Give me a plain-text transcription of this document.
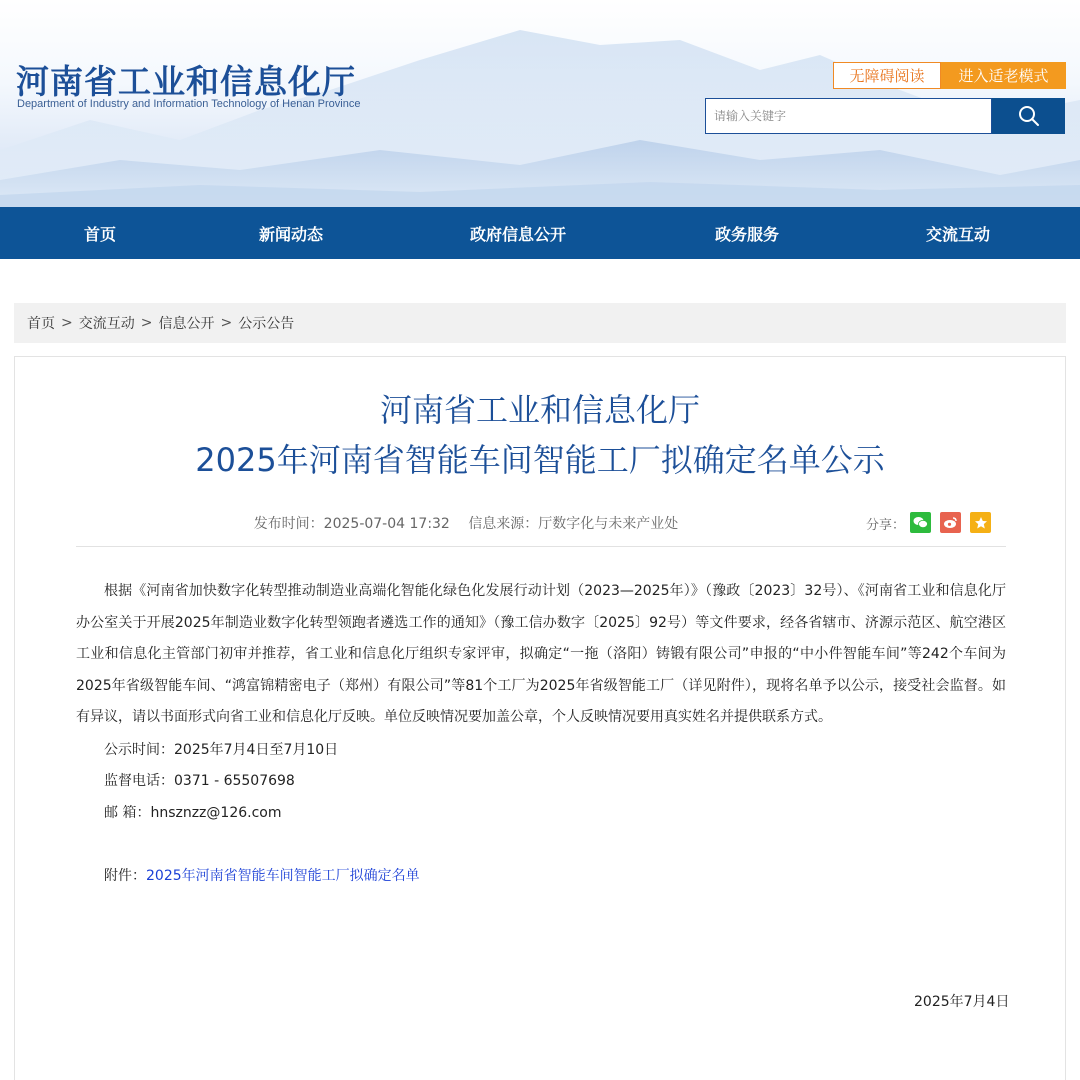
河南省工业和信息化厅
Department of Industry and Information Technology of Henan Province
无障碍阅读	进入适老模式
请输入关键字
首页	新闻动态	政府信息公开	政务服务	交流互动
首页 > 交流互动 > 信息公开 > 公示公告
河南省工业和信息化厅
2025年河南省智能车间智能工厂拟确定名单公示
发布时间：2025-07-04 17:32 信息来源：厅数字化与未来产业处	分享：
根据《河南省加快数字化转型推动制造业高端化智能化绿色化发展行动计划（2023—2025年）》（豫政〔2023〕32号）、《河南省工业和信息化厅办公室关于开展2025年制造业数字化转型领跑者遴选工作的通知》（豫工信办数字〔2025〕92号）等文件要求，经各省辖市、济源示范区、航空港区工业和信息化主管部门初审并推荐，省工业和信息化厅组织专家评审，拟确定“一拖（洛阳）铸锻有限公司”申报的“中小件智能车间”等242个车间为2025年省级智能车间、“鸿富锦精密电子（郑州）有限公司”等81个工厂为2025年省级智能工厂（详见附件），现将名单予以公示，接受社会监督。如有异议，请以书面形式向省工业和信息化厅反映。单位反映情况要加盖公章，个人反映情况要用真实姓名并提供联系方式。
公示时间：2025年7月4日至7月10日
监督电话：0371 - 65507698
邮 箱：hnsznzz@126.com
附件：2025年河南省智能车间智能工厂拟确定名单
2025年7月4日
